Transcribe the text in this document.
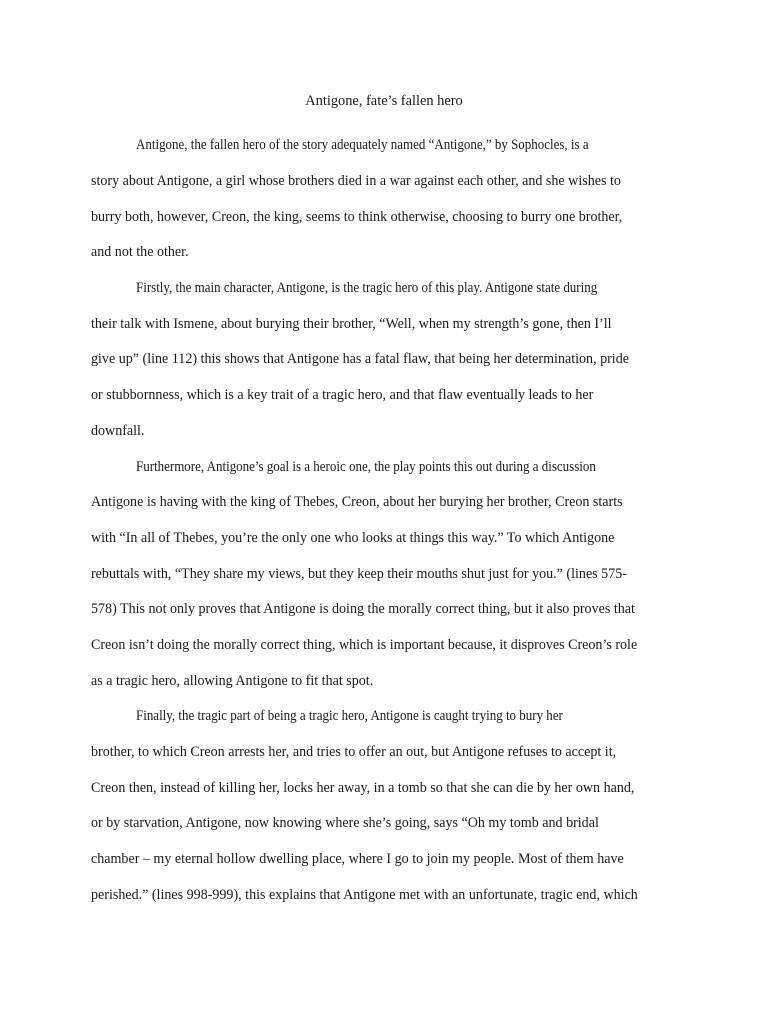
Antigone, fate’s fallen hero

Antigone, the fallen hero of the story adequately named “Antigone,” by Sophocles, is a

story about Antigone, a girl whose brothers died in a war against each other, and she wishes to

burry both, however, Creon, the king, seems to think otherwise, choosing to burry one brother,

and not the other.

Firstly, the main character, Antigone, is the tragic hero of this play. Antigone state during

their talk with Ismene, about burying their brother, “Well, when my strength’s gone, then I’ll

give up” (line 112) this shows that Antigone has a fatal flaw, that being her determination, pride

or stubbornness, which is a key trait of a tragic hero, and that flaw eventually leads to her

downfall.

Furthermore, Antigone’s goal is a heroic one, the play points this out during a discussion

Antigone is having with the king of Thebes, Creon, about her burying her brother, Creon starts

with “In all of Thebes, you’re the only one who looks at things this way.” To which Antigone

rebuttals with, “They share my views, but they keep their mouths shut just for you.” (lines 575-

578) This not only proves that Antigone is doing the morally correct thing, but it also proves that

Creon isn’t doing the morally correct thing, which is important because, it disproves Creon’s role

as a tragic hero, allowing Antigone to fit that spot.

Finally, the tragic part of being a tragic hero, Antigone is caught trying to bury her

brother, to which Creon arrests her, and tries to offer an out, but Antigone refuses to accept it,

Creon then, instead of killing her, locks her away, in a tomb so that she can die by her own hand,

or by starvation, Antigone, now knowing where she’s going, says “Oh my tomb and bridal

chamber – my eternal hollow dwelling place, where I go to join my people. Most of them have

perished.” (lines 998-999), this explains that Antigone met with an unfortunate, tragic end, which
